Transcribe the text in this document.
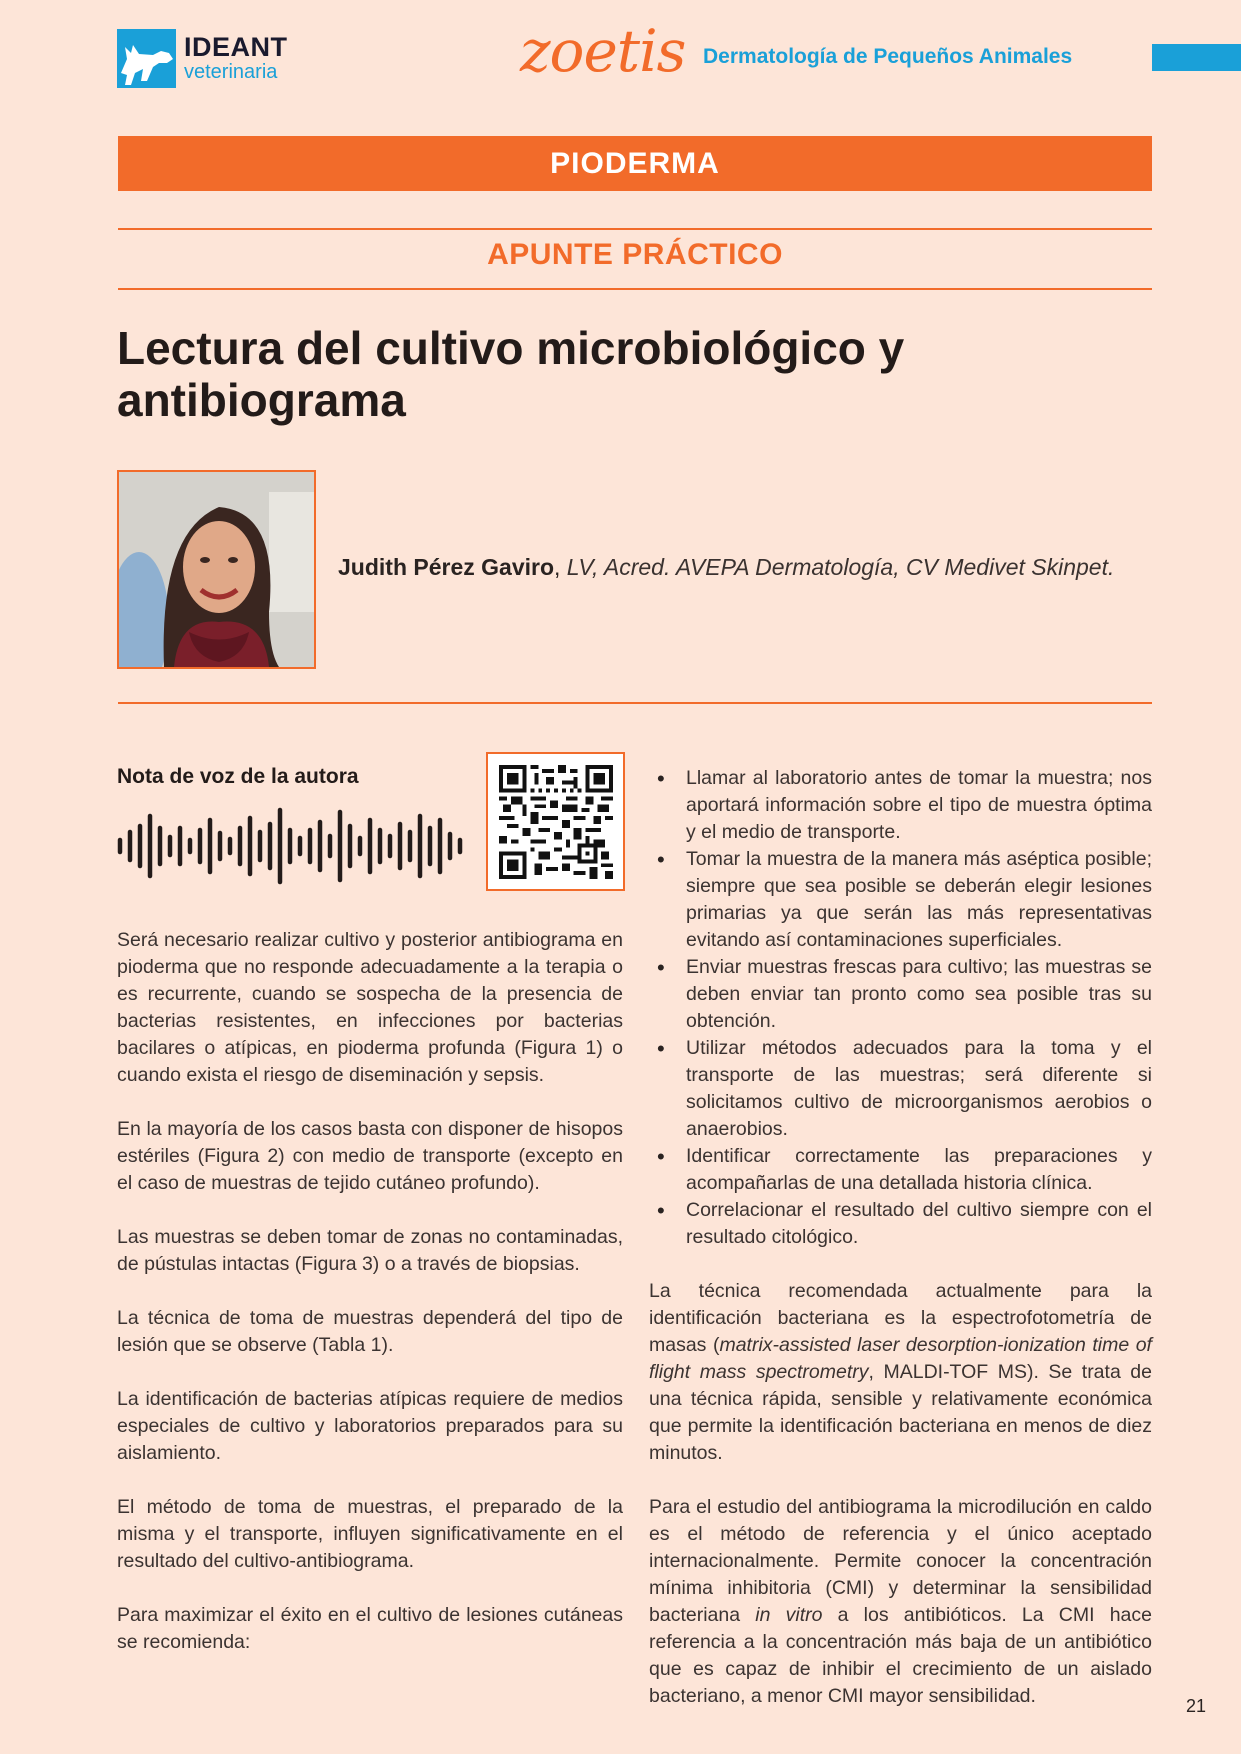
IDEANT
veterinaria	zoetis Dermatología de Pequeños Animales
PIODERMA
APUNTE PRÁCTICO
Lectura del cultivo microbiológico y antibiograma
Judith Pérez Gaviro, LV, Acred. AVEPA Dermatología, CV Medivet Skinpet.
Nota de voz de la autora

Será necesario realizar cultivo y posterior antibiograma en pioderma que no responde adecuadamente a la terapia o es recurrente, cuando se sospecha de la presencia de bacterias resistentes, en infecciones por bacterias bacilares o atípicas, en pioderma profunda (Figura 1) o cuando exista el riesgo de diseminación y sepsis.

En la mayoría de los casos basta con disponer de hisopos estériles (Figura 2) con medio de transporte (excepto en el caso de muestras de tejido cutáneo profundo).

Las muestras se deben tomar de zonas no contaminadas, de pústulas intactas (Figura 3) o a través de biopsias.

La técnica de toma de muestras dependerá del tipo de lesión que se observe (Tabla 1).

La identificación de bacterias atípicas requiere de medios especiales de cultivo y laboratorios preparados para su aislamiento.

El método de toma de muestras, el preparado de la misma y el transporte, influyen significativamente en el resultado del cultivo-antibiograma.

Para maximizar el éxito en el cultivo de lesiones cutáneas se recomienda:

• Llamar al laboratorio antes de tomar la muestra; nos aportará información sobre el tipo de muestra óptima y el medio de transporte.
• Tomar la muestra de la manera más aséptica posible; siempre que sea posible se deberán elegir lesiones primarias ya que serán las más representativas evitando así contaminaciones superficiales.
• Enviar muestras frescas para cultivo; las muestras se deben enviar tan pronto como sea posible tras su obtención.
• Utilizar métodos adecuados para la toma y el transporte de las muestras; será diferente si solicitamos cultivo de microorganismos aerobios o anaerobios.
• Identificar correctamente las preparaciones y acompañarlas de una detallada historia clínica.
• Correlacionar el resultado del cultivo siempre con el resultado citológico.

La técnica recomendada actualmente para la identificación bacteriana es la espectrofotometría de masas (matrix-assisted laser desorption-ionization time of flight mass spectrometry, MALDI-TOF MS). Se trata de una técnica rápida, sensible y relativamente económica que permite la identificación bacteriana en menos de diez minutos.

Para el estudio del antibiograma la microdilución en caldo es el método de referencia y el único aceptado internacionalmente. Permite conocer la concentración mínima inhibitoria (CMI) y determinar la sensibilidad bacteriana in vitro a los antibióticos. La CMI hace referencia a la concentración más baja de un antibiótico que es capaz de inhibir el crecimiento de un aislado bacteriano, a menor CMI mayor sensibilidad.	21
